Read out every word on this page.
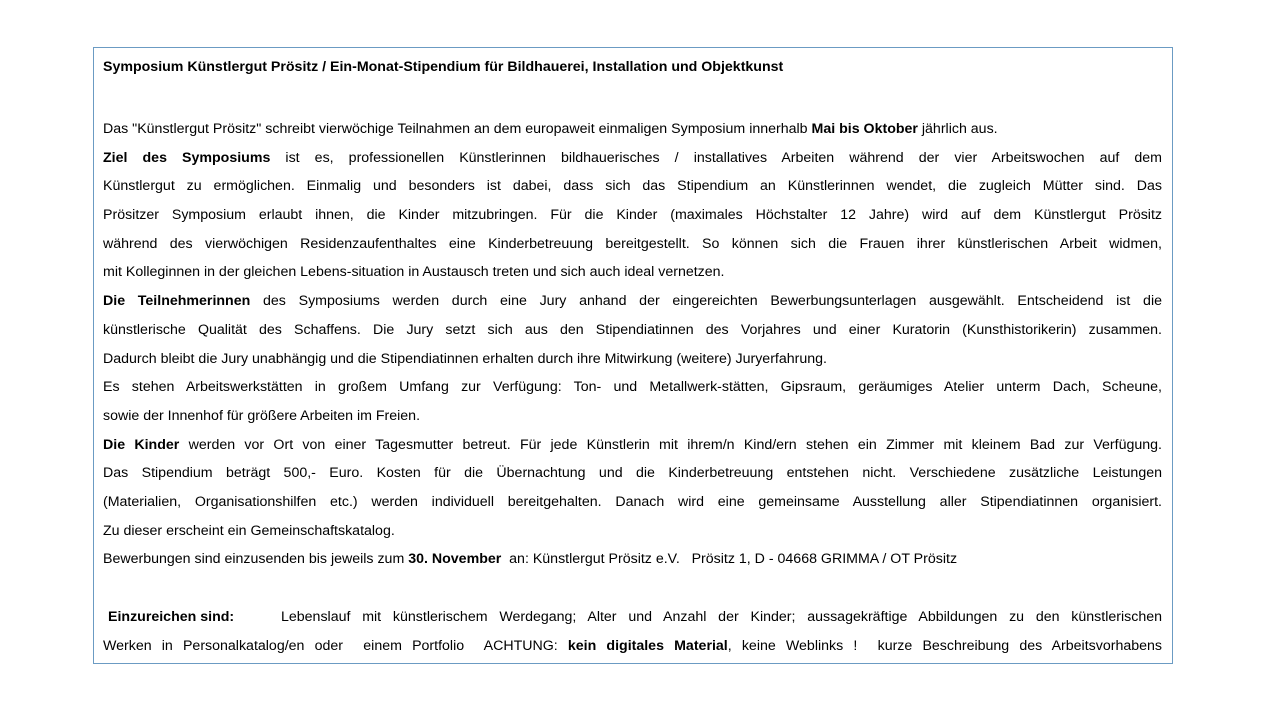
Symposium Künstlergut Prösitz / Ein-Monat-Stipendium für Bildhauerei, Installation und Objektkunst
Das "Künstlergut Prösitz" schreibt vierwöchige Teilnahmen an dem europaweit einmaligen Symposium innerhalb Mai bis Oktober jährlich aus.
Ziel des Symposiums ist es, professionellen Künstlerinnen bildhauerisches / installatives Arbeiten während der vier Arbeitswochen auf dem
Künstlergut zu ermöglichen. Einmalig und besonders ist dabei, dass sich das Stipendium an Künstlerinnen wendet, die zugleich Mütter sind. Das
Prösitzer Symposium erlaubt ihnen, die Kinder mitzubringen. Für die Kinder (maximales Höchstalter 12 Jahre) wird auf dem Künstlergut Prösitz
während des vierwöchigen Residenzaufenthaltes eine Kinderbetreuung bereitgestellt. So können sich die Frauen ihrer künstlerischen Arbeit widmen,
mit Kolleginnen in der gleichen Lebens-situation in Austausch treten und sich auch ideal vernetzen.
Die Teilnehmerinnen des Symposiums werden durch eine Jury anhand der eingereichten Bewerbungsunterlagen ausgewählt. Entscheidend ist die
künstlerische Qualität des Schaffens. Die Jury setzt sich aus den Stipendiatinnen des Vorjahres und einer Kuratorin (Kunsthistorikerin) zusammen.
Dadurch bleibt die Jury unabhängig und die Stipendiatinnen erhalten durch ihre Mitwirkung (weitere) Juryerfahrung.
Es stehen Arbeitswerkstätten in großem Umfang zur Verfügung: Ton- und Metallwerk-stätten, Gipsraum, geräumiges Atelier unterm Dach, Scheune,
sowie der Innenhof für größere Arbeiten im Freien.
Die Kinder werden vor Ort von einer Tagesmutter betreut. Für jede Künstlerin mit ihrem/n Kind/ern stehen ein Zimmer mit kleinem Bad zur Verfügung.
Das Stipendium beträgt 500,- Euro. Kosten für die Übernachtung und die Kinderbetreuung entstehen nicht. Verschiedene zusätzliche Leistungen
(Materialien, Organisationshilfen etc.) werden individuell bereitgehalten. Danach wird eine gemeinsame Ausstellung aller Stipendiatinnen organisiert.
Zu dieser erscheint ein Gemeinschaftskatalog.
Bewerbungen sind einzusenden bis jeweils zum 30. November  an: Künstlergut Prösitz e.V.   Prösitz 1, D - 04668 GRIMMA / OT Prösitz
Einzureichen sind:	Lebenslauf mit künstlerischem Werdegang; Alter und Anzahl der Kinder; aussagekräftige Abbildungen zu den künstlerischen
Werken in Personalkatalog/en oder  einem Portfolio  ACHTUNG: kein digitales Material, keine Weblinks !  kurze Beschreibung des Arbeitsvorhabens
